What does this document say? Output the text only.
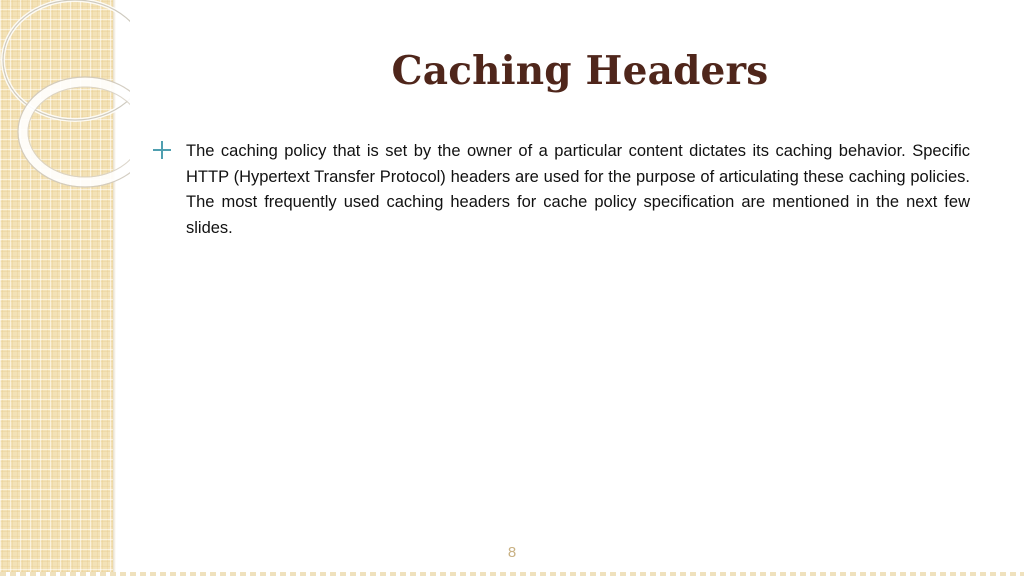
Caching Headers

The caching policy that is set by the owner of a particular content dictates its caching behavior. Specific HTTP (Hypertext Transfer Protocol) headers are used for the purpose of articulating these caching policies. The most frequently used caching headers for cache policy specification are mentioned in the next few slides.

8
